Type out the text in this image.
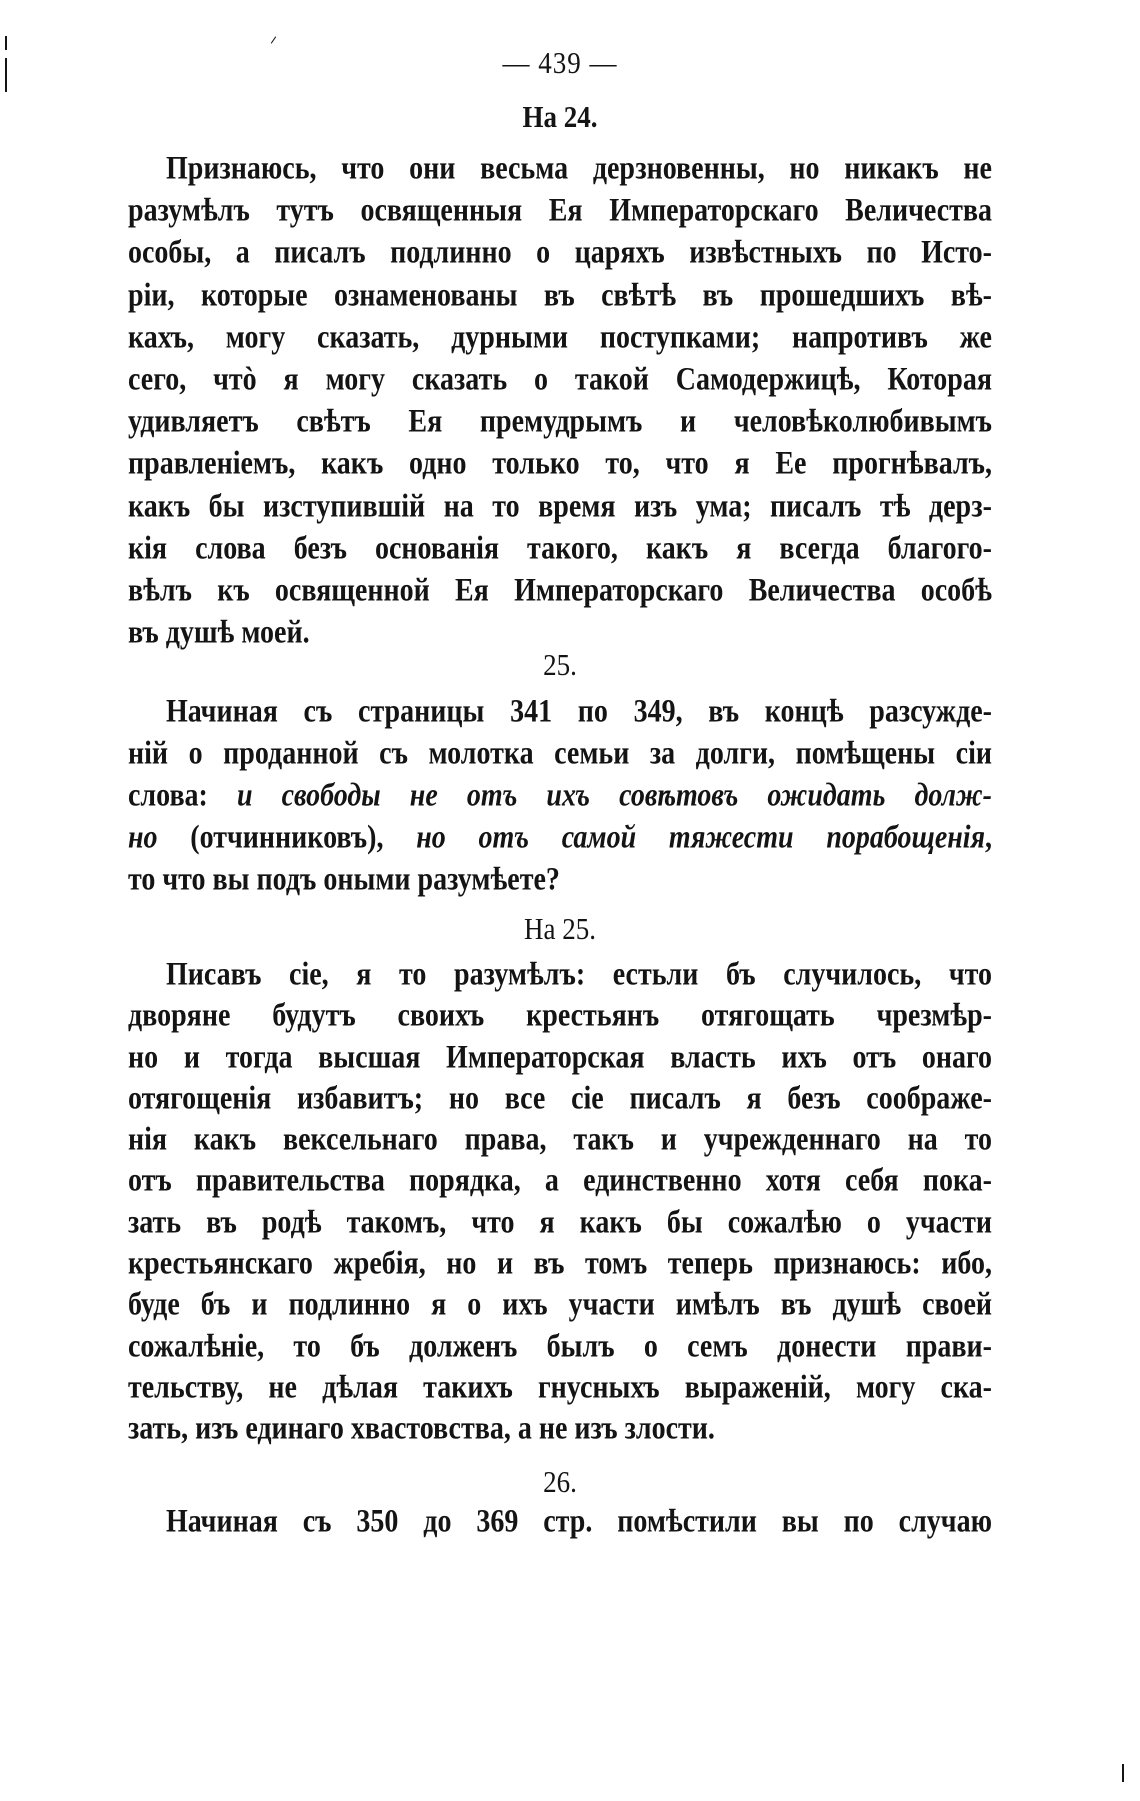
— 439 —
На 24.
Признаюсь, что они весьма дерзновенны, но никакъ не
разумѣлъ тутъ освященныя Ея Императорскаго Величества
особы, а писалъ подлинно о царяхъ извѣстныхъ по Исто-
ріи, которые ознаменованы въ свѣтѣ въ прошедшихъ вѣ-
кахъ, могу сказать, дурными поступками; напротивъ же
сего, чтò я могу сказать о такой Самодержицѣ, Которая
удивляетъ свѣтъ Ея премудрымъ и человѣколюбивымъ
правленіемъ, какъ одно только то, что я Ее прогнѣвалъ,
какъ бы изступившій на то время изъ ума; писалъ тѣ дерз-
кія слова безъ основанія такого, какъ я всегда благого-
вѣлъ къ освященной Ея Императорскаго Величества особѣ
въ душѣ моей.
25.
Начиная съ страницы 341 по 349, въ концѣ разсужде-
ній о проданной съ молотка семьи за долги, помѣщены сіи
слова: и свободы не отъ ихъ совѣтовъ ожидать долж-
но (отчинниковъ), но отъ самой тяжести порабощенія,
то что вы подъ оными разумѣете?
На 25.
Писавъ сіе, я то разумѣлъ: естьли бъ случилось, что
дворяне будутъ своихъ крестьянъ отягощать чрезмѣр-
но и тогда высшая Императорская власть ихъ отъ онаго
отягощенія избавитъ; но все сіе писалъ я безъ соображе-
нія какъ вексельнаго права, такъ и учрежденнаго на то
отъ правительства порядка, а единственно хотя себя пока-
зать въ родѣ такомъ, что я какъ бы сожалѣю о участи
крестьянскаго жребія, но и въ томъ теперь признаюсь: ибо,
буде бъ и подлинно я о ихъ участи имѣлъ въ душѣ своей
сожалѣніе, то бъ долженъ былъ о семъ донести прави-
тельству, не дѣлая такихъ гнусныхъ выраженій, могу ска-
зать, изъ единаго хвастовства, а не изъ злости.
26.
Начиная съ 350 до 369 стр. помѣстили вы по случаю
